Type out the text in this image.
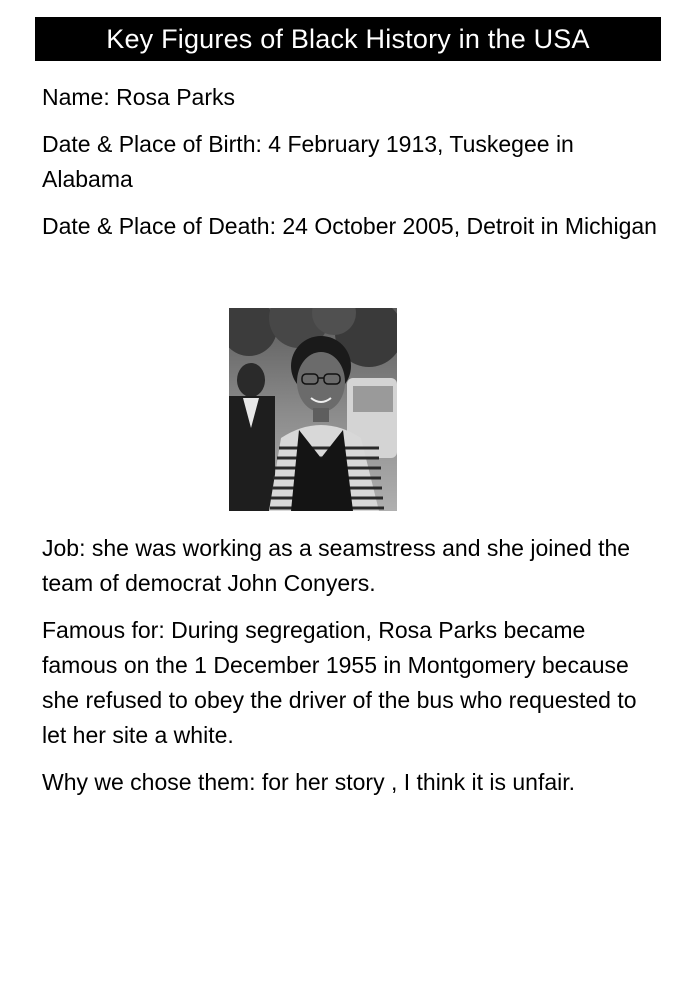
Key Figures of Black History in the USA

Name: Rosa Parks

Date & Place of Birth: 4 February 1913, Tuskegee in Alabama

Date & Place of Death: 24 October 2005, Detroit in Michigan

Job: she was working as a seamstress and she joined the team of democrat John Conyers.

Famous for: During segregation, Rosa Parks became famous on the 1 December 1955 in Montgomery because she refused to obey the driver of the bus who requested to let her site a white.

Why we chose them: for her story , I think it is unfair.
